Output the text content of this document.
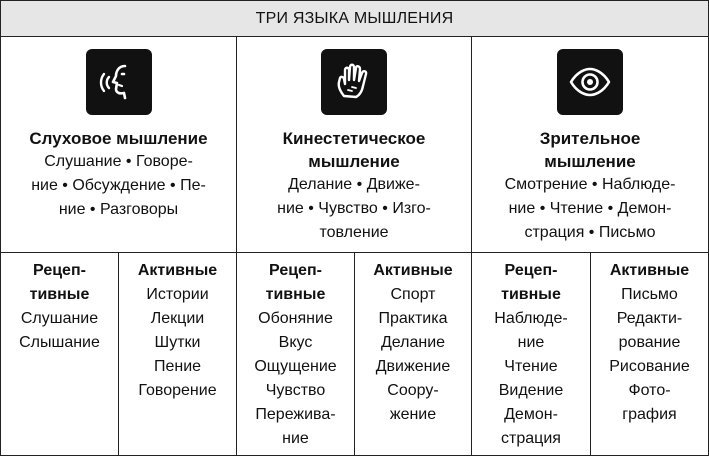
ТРИ ЯЗЫКА МЫШЛЕНИЯ
Слуховое мышление
Слушание • Говоре-
ние • Обсуждение • Пе-
ние • Разговоры
Кинестетическое
мышление
Делание • Движе-
ние • Чувство • Изго-
товление
Зрительное
мышление
Смотрение • Наблюде-
ние • Чтение • Демон-
страция • Письмо
Рецеп-
тивные
Слушание
Слышание
Активные
Истории
Лекции
Шутки
Пение
Говорение
Рецеп-
тивные
Обоняние
Вкус
Ощущение
Чувство
Пережива-
ние
Активные
Спорт
Практика
Делание
Движение
Сooру-
жение
Рецеп-
тивные
Наблюде-
ние
Чтение
Видение
Демон-
страция
Активные
Письмо
Редакти-
рование
Рисование
Фото-
графия
